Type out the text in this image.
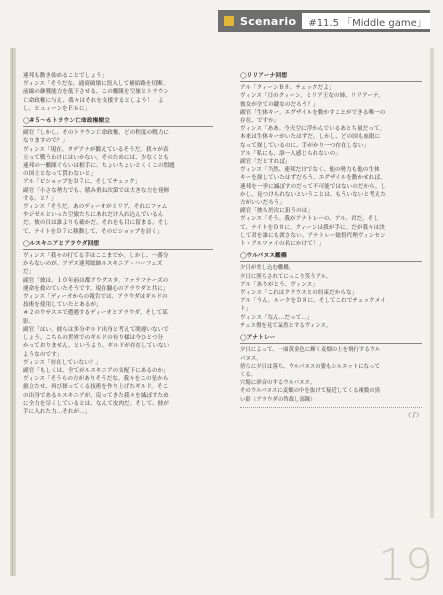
Scenario	#11.5 「Middle game」

連邦も動き始めることでしょう」

ヴィンス「そうだな。通商破壊に投入して補給路を切断、

前線の継戦能力を低下させる。この艦隊を空旅とトラウン

亡命政権に与え、我々はそれを支援するとしよう！　よ

し、ヒュィーンをＥ６に」

◯#５〜６トラウン亡命政権樹立

副官「しかし、そのトラウン亡命政権、どの程度の戦力に

なりますので？」

ヴィンス「現在、タデアナが鍛えているそうだ。我々が表

立って戦うわけにはいかない。そのためには、少なくとも

連邦の一艦隊ぐらいは相手に、ちょいちょいとくくこの問題

の国土となって貰わないと」

アル「ビショップをＤ７に。そしてチェック」

副官「小さな勢力でも、積み重ね次第では大きな力を発揮

する。と？」

ヴィンス「そうだ。あのディーオがミリア、それにファム

やジゼルといった空旅たちにあれだけ入れ込んでいるん

だ。彼の目は誰よりも確かだ。それをも目に留まる。そし

て、ナイトをＤ７に移動して、そのビショップを討く」

◯ルスキニアとアラウダ回想

ヴィンス「我々の打てる手はここまでか。しかし、一番分

からないのが、アデス連邦総帥ルスキニア・ハーフェズ

だ」

副官「彼は、１０年前は都アウグスタ、ファラフナーズの

運命を救のていたそうです。現在騒心のアラウダと共に」

ヴィンス「ディーオからの報告では、アラウダはギルドの

技術を使用していたとあるが」

＃２のウサスエで遭遇するディーオとアラウダ。そして某

影。

副官「はい。彼らは多分ギルド出身と考えて間違いないで

しょう。こちらの世界でのギルドの有り様は今ひとつ分

かっておりません。というより、ギルドが存在していない

ようなのです」

ヴィンス「存在していない？」

副官「もしくは、全てがルスキニアの支配下にあるのか」

ヴィンス「そうらの方がありそうだな。我々をこの星から

旅立たせ、再び探ってくる技術を作り上げたギルド。そこ

の出身であるルスキニアが、戻ってきた我々を滅ぼすため

に全力を尽くしているとは、なんて皮肉だ。そして、彼が

手に入れた力…それが…」

◯リリアーナ回想

アル「クィーンＢ８。チェックだよ」

ヴィンス「日のクィーン。ミリア王女の姉、リリアーナ。

彼女が全ての鍵なのだろう？」

副官「生体キー。エグザイルを動かすことができる唯一の

存在、ですか」

ヴィンス「ああ。今天空に浮かんでいるあとち量だって。

本来は生体キーがいたはずだ。しかし、どの国も血眼に

なって探しているのに、手がかり一つ存在しない」

アル「私にも、誰一人感じられないの」

副官「だとすれば」

ヴィンス「当然、連邦だけでなく、他の勢力も他の生体

キーを探していたはずだろう。エグザイルを動かせれば、

連邦を一挙に滅ぼすのだって不可能ではないのだから。し

かし、見つけられないということは、もういないと考えた

方がいいだろう」

副官「彼ら於次に狙うのは」

ヴィンス「そう。我がアナトレーの、アル、君だ。そし

て、ナイトをＤ８に。クィーンは我が手に。だが我々は決

して君を誰にも渡さない。アナトレー総督代理ヴィンセン

ト・アルツァイの名にかけて！」

◯ウルパヌス艦橋

夕日が差し込む艦橋。

夕日に照らされてにっこり笑うアル。

アル「ありがとう、ヴィンス」

ヴィンス「これはクラウスとの約束だからな」

アル「うん。ルークをＤ８に。そしてこれでチェックメイ

ト」

ヴィンス「なん…だって…」

チェス盤を見て呆然とするヴィンス。

◯アナトレー

夕日によって、一面黄金色に輝く麦畑の上を飛行するウル

パヌス。

傍らに夕日は落ち、ウルパヌスの姿もシルエットになって

くる。

穴場に砂音のするウルパヌス。

そのウルパヌスに麦畑の中を抜けて接近してくる複数の黒

い影（アラウダの咎裁し部隊）

（了）

19
